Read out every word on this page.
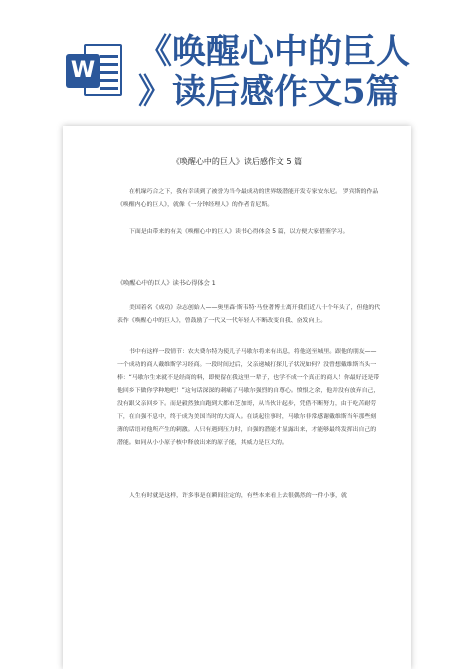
W 《唤醒心中的巨人
》读后感作文5篇
《唤醒心中的巨人》读后感作文 5 篇
在机缘巧合之下，我有幸读到了被誉为当今最成功的世界级潜能开发专家安东尼。 罗宾斯的作品《唤醒内心的巨人》，就像《一分钟经理人》的作者肯尼斯。
下面是由带来的有关《唤醒心中的巨人》读书心得体会 5 篇，以方便大家借鉴学习。
《唤醒心中的巨人》读书心得体会 1
美国着名《成功》杂志创始人——奥里森·斯韦特·马登著博士离开我们近八十个年头了，但他的代表作《唤醒心中的巨人》，曾鼓励了一代又一代年轻人不断改变自我、奋发向上。
书中有这样一段情节：农夫费尔特为使儿子马歇尔将来有出息，将他送至城里。跟他的朋友——一个成功的商人戴维斯学习经商。一段时间过后，父亲递城打探儿子状况如何？没曾想戴维斯当头一棒：“马歇尔生来就不是经商的料，即便留在我这里一辈子，也学不成一个真正的商人！你最好还是带他回乡下做你学种地吧！”这句话深深的刺痛了马歇尔强烈的自尊心。愤恨之余，他并没有放弃自己，没有跟父亲回乡下。而是毅然独自跑到大都市芝加哥，从当伙计起步，凭借不断努力，由于吃苦耐劳下，在自强不息中，终于成为美国当时的大商人。在谈起往事时，马歇尔非常感谢戴维斯当年那些刻薄的话语对他所产生的刺激。人只有遇到压力时，自强的潜能才显露出来，才能够最终发挥出自己的潜能。如同从小小原子核中释放出来的原子能，其威力是巨大的。
人生有时就是这样，许多事是在瞬间注定的，有些本来看上去很偶然的一件小事，就
